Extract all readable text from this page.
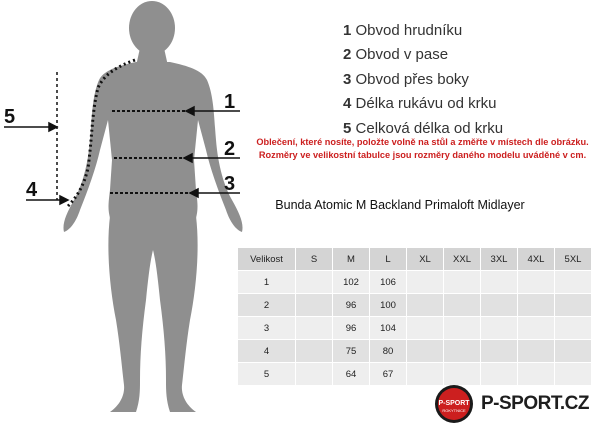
1
2
3
4
5
1 Obvod hrudníku
2 Obvod v pase
3 Obvod přes boky
4 Délka rukávu od krku
5 Celková délka od krku
Oblečení, které nosíte, položte volně na stůl a změřte v místech dle obrázku.
Rozměry ve velikostní tabulce jsou rozměry daného modelu uváděné v cm.
Bunda Atomic M Backland Primaloft Midlayer
Velikost	S	M	L	XL	XXL	3XL	4XL	5XL
1		102	106					
2		96	100					
3		96	104					
4		75	80					
5		64	67					
P-SPORT
ROKYTNICE P-SPORT.CZ
